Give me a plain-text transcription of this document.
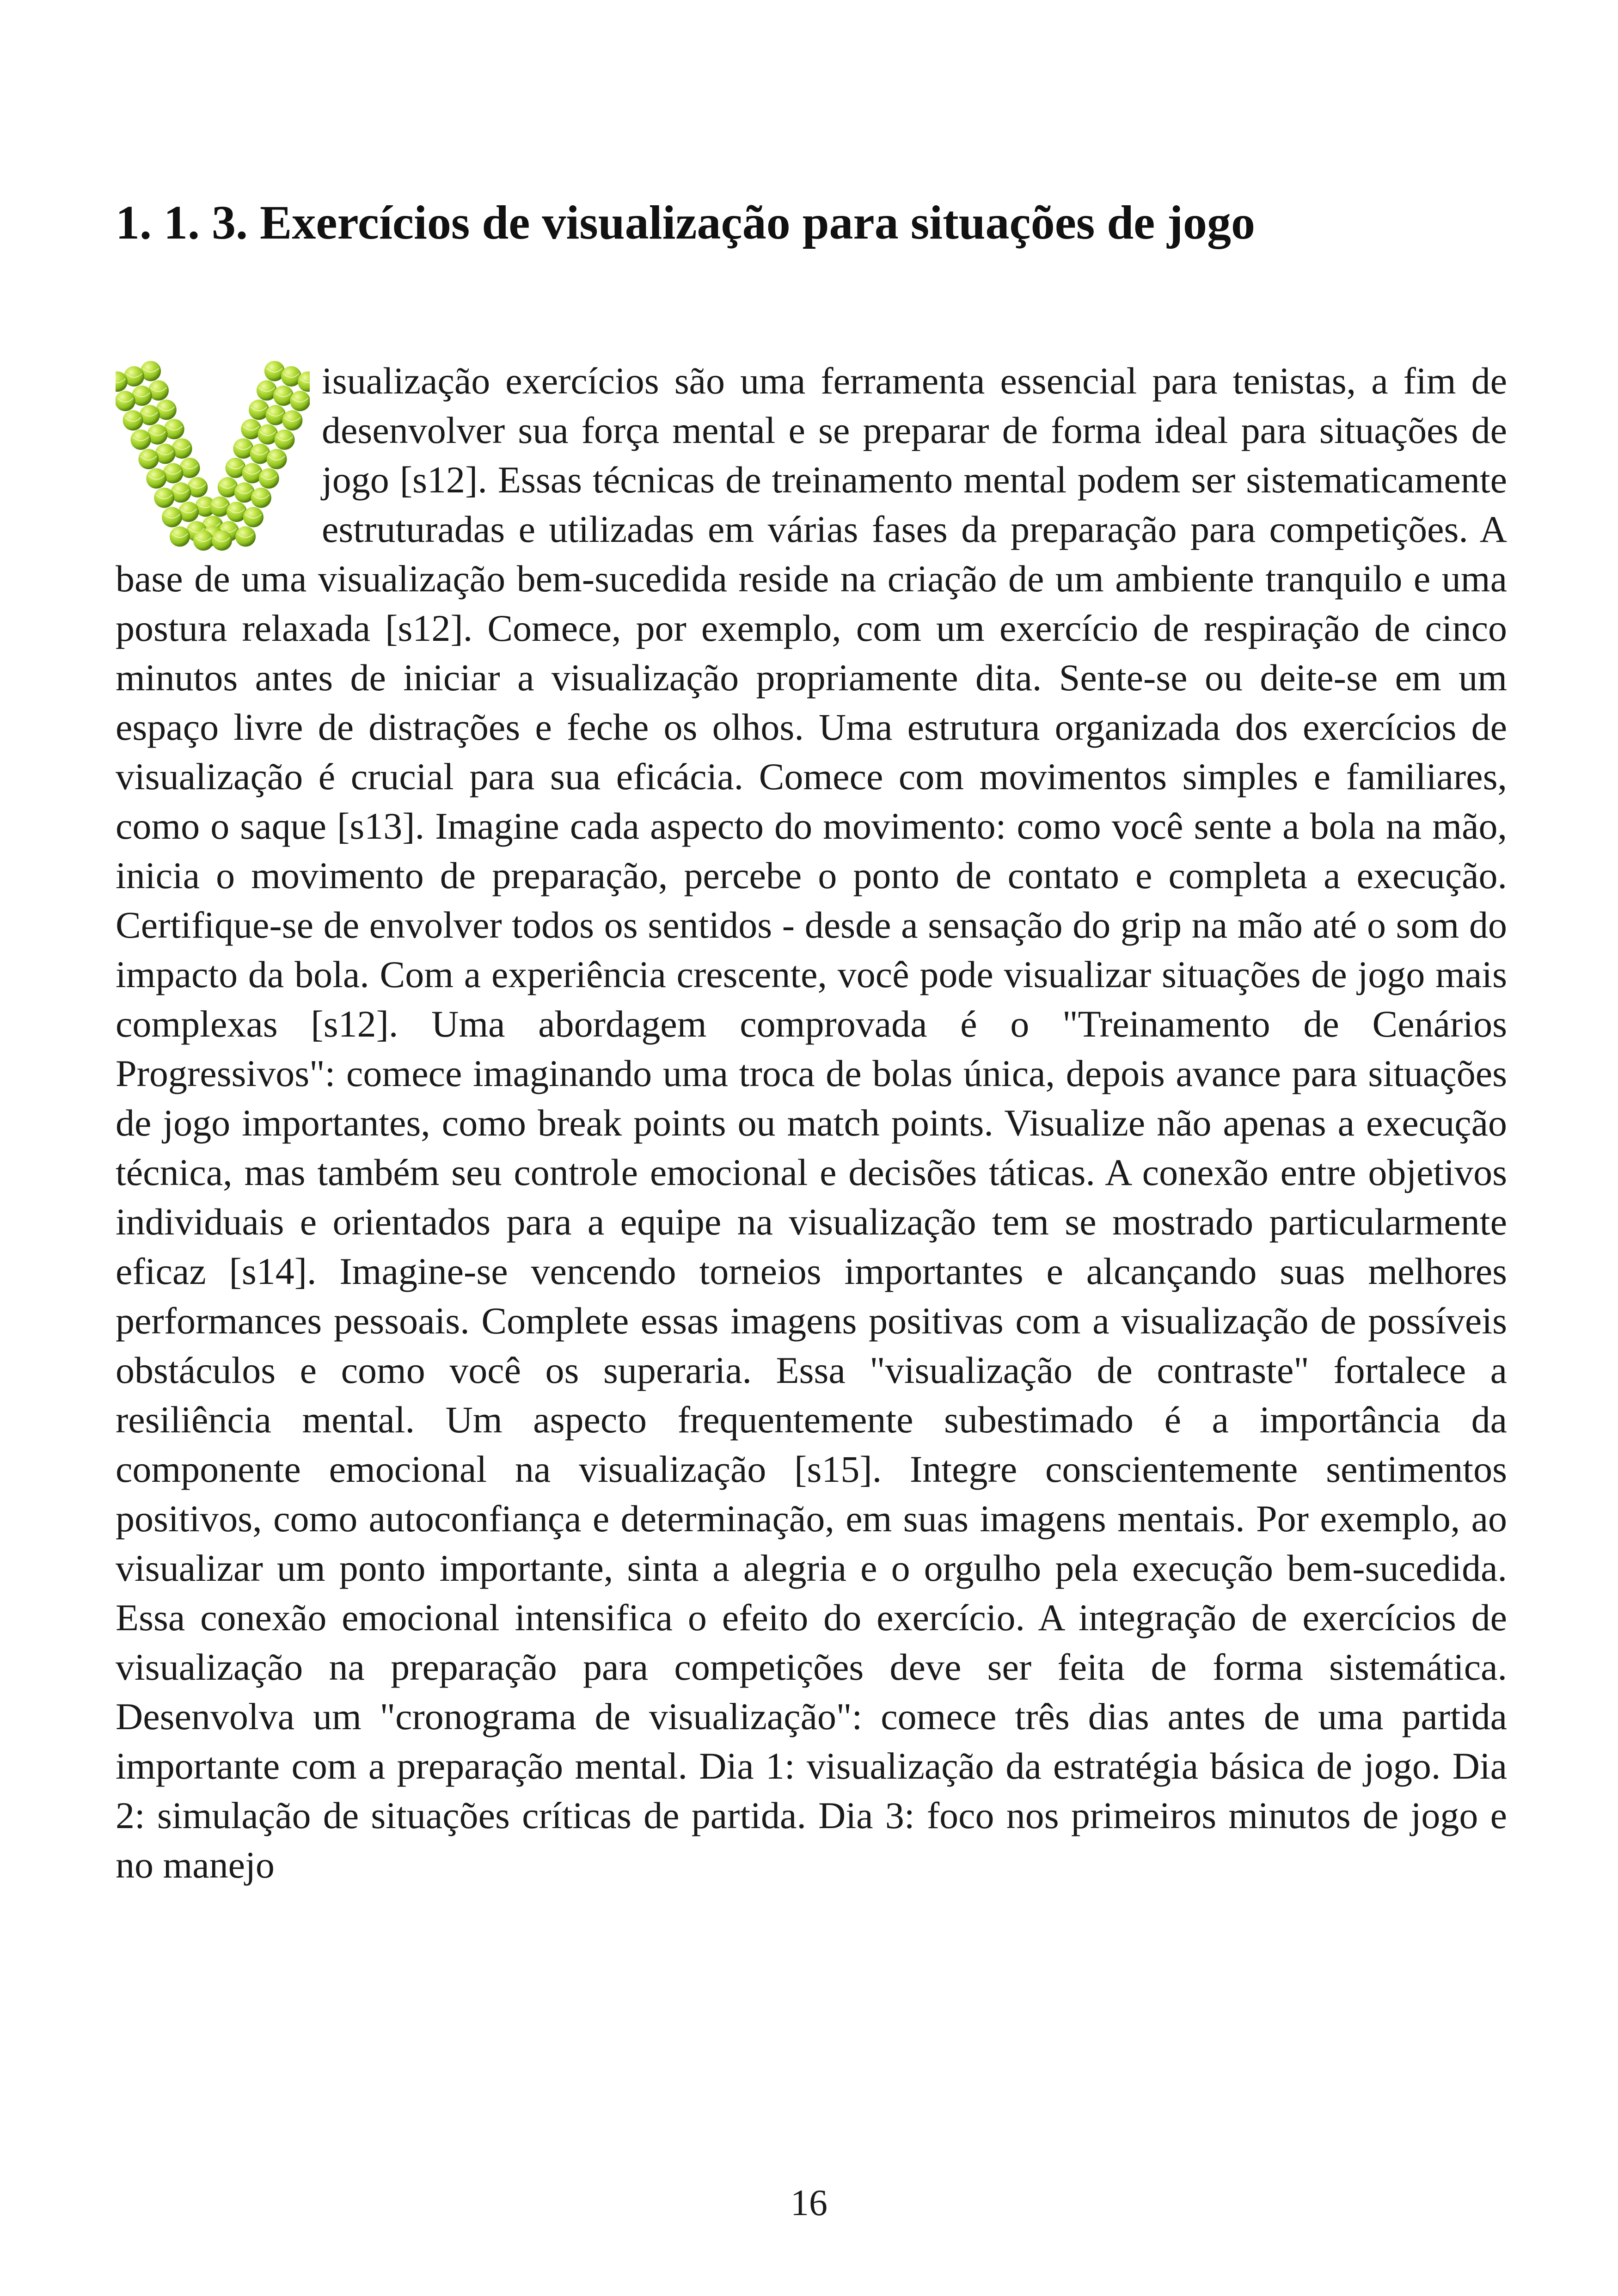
1. 1. 3. Exercícios de visualização para situações de jogo
isualização exercícios são uma ferramenta essencial para tenistas, a fim de desenvolver sua força mental e se preparar de forma ideal para situações de jogo [s12]. Essas técnicas de treinamento mental podem ser sistematicamente estruturadas e utilizadas em várias fases da preparação para competições. A base de uma visualização bem-sucedida reside na criação de um ambiente tranquilo e uma postura relaxada [s12]. Comece, por exemplo, com um exercício de respiração de cinco minutos antes de iniciar a visualização propriamente dita. Sente-se ou deite-se em um espaço livre de distrações e feche os olhos. Uma estrutura organizada dos exercícios de visualização é crucial para sua eficácia. Comece com movimentos simples e familiares, como o saque [s13]. Imagine cada aspecto do movimento: como você sente a bola na mão, inicia o movimento de preparação, percebe o ponto de contato e completa a execução. Certifique-se de envolver todos os sentidos - desde a sensação do grip na mão até o som do impacto da bola. Com a experiência crescente, você pode visualizar situações de jogo mais complexas [s12]. Uma abordagem comprovada é o "Treinamento de Cenários Progressivos": comece imaginando uma troca de bolas única, depois avance para situações de jogo importantes, como break points ou match points. Visualize não apenas a execução técnica, mas também seu controle emocional e decisões táticas. A conexão entre objetivos individuais e orientados para a equipe na visualização tem se mostrado particularmente eficaz [s14]. Imagine-se vencendo torneios importantes e alcançando suas melhores performances pessoais. Complete essas imagens positivas com a visualização de possíveis obstáculos e como você os superaria. Essa "visualização de contraste" fortalece a resiliência mental. Um aspecto frequentemente subestimado é a importância da componente emocional na visualização [s15]. Integre conscientemente sentimentos positivos, como autoconfiança e determinação, em suas imagens mentais. Por exemplo, ao visualizar um ponto importante, sinta a alegria e o orgulho pela execução bem-sucedida. Essa conexão emocional intensifica o efeito do exercício. A integração de exercícios de visualização na preparação para competições deve ser feita de forma sistemática. Desenvolva um "cronograma de visualização": comece três dias antes de uma partida importante com a preparação mental. Dia 1: visualização da estratégia básica de jogo. Dia 2: simulação de situações críticas de partida. Dia 3: foco nos primeiros minutos de jogo e no manejo
16
